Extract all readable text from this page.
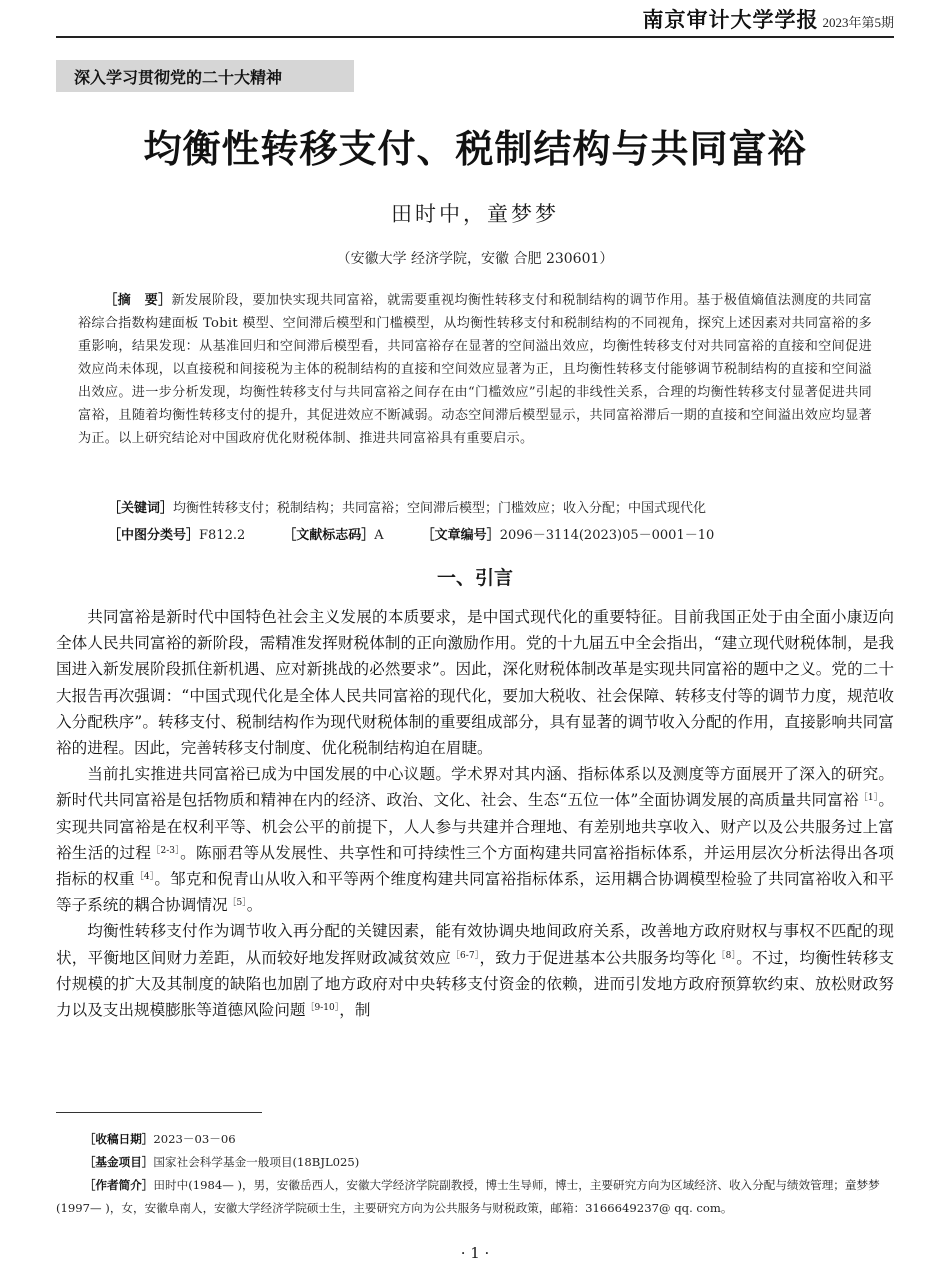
南京审计大学学报 2023年第5期
深入学习贯彻党的二十大精神
均衡性转移支付、税制结构与共同富裕
田时中，童梦梦
（安徽大学 经济学院，安徽 合肥 230601）
［摘　要］新发展阶段，要加快实现共同富裕，就需要重视均衡性转移支付和税制结构的调节作用。基于极值熵值法测度的共同富裕综合指数构建面板 Tobit 模型、空间滞后模型和门槛模型，从均衡性转移支付和税制结构的不同视角，探究上述因素对共同富裕的多重影响，结果发现：从基准回归和空间滞后模型看，共同富裕存在显著的空间溢出效应，均衡性转移支付对共同富裕的直接和空间促进效应尚未体现，以直接税和间接税为主体的税制结构的直接和空间效应显著为正，且均衡性转移支付能够调节税制结构的直接和空间溢出效应。进一步分析发现，均衡性转移支付与共同富裕之间存在由“门槛效应”引起的非线性关系，合理的均衡性转移支付显著促进共同富裕，且随着均衡性转移支付的提升，其促进效应不断减弱。动态空间滞后模型显示，共同富裕滞后一期的直接和空间溢出效应均显著为正。以上研究结论对中国政府优化财税体制、推进共同富裕具有重要启示。
［关键词］均衡性转移支付；税制结构；共同富裕；空间滞后模型；门槛效应；收入分配；中国式现代化
［中图分类号］F812.2	［文献标志码］A	［文章编号］2096－3114(2023)05－0001－10
一、引言

共同富裕是新时代中国特色社会主义发展的本质要求，是中国式现代化的重要特征。目前我国正处于由全面小康迈向全体人民共同富裕的新阶段，需精准发挥财税体制的正向激励作用。党的十九届五中全会指出，“建立现代财税体制，是我国进入新发展阶段抓住新机遇、应对新挑战的必然要求”。因此，深化财税体制改革是实现共同富裕的题中之义。党的二十大报告再次强调：“中国式现代化是全体人民共同富裕的现代化，要加大税收、社会保障、转移支付等的调节力度，规范收入分配秩序”。转移支付、税制结构作为现代财税体制的重要组成部分，具有显著的调节收入分配的作用，直接影响共同富裕的进程。因此，完善转移支付制度、优化税制结构迫在眉睫。

当前扎实推进共同富裕已成为中国发展的中心议题。学术界对其内涵、指标体系以及测度等方面展开了深入的研究。新时代共同富裕是包括物质和精神在内的经济、政治、文化、社会、生态“五位一体”全面协调发展的高质量共同富裕$^{[1]}$。实现共同富裕是在权利平等、机会公平的前提下，人人参与共建并合理地、有差别地共享收入、财产以及公共服务过上富裕生活的过程$^{[2-3]}$。陈丽君等从发展性、共享性和可持续性三个方面构建共同富裕指标体系，并运用层次分析法得出各项指标的权重$^{[4]}$。邹克和倪青山从收入和平等两个维度构建共同富裕指标体系，运用耦合协调模型检验了共同富裕收入和平等子系统的耦合协调情况$^{[5]}$。

均衡性转移支付作为调节收入再分配的关键因素，能有效协调央地间政府关系，改善地方政府财权与事权不匹配的现状，平衡地区间财力差距，从而较好地发挥财政减贫效应$^{[6-7]}$，致力于促进基本公共服务均等化$^{[8]}$。不过，均衡性转移支付规模的扩大及其制度的缺陷也加剧了地方政府对中央转移支付资金的依赖，进而引发地方政府预算软约束、放松财政努力以及支出规模膨胀等道德风险问题$^{[9-10]}$，制

［收稿日期］2023－03－06

［基金项目］国家社会科学基金一般项目(18BJL025)

［作者简介］田时中(1984— )，男，安徽岳西人，安徽大学经济学院副教授，博士生导师，博士，主要研究方向为区域经济、收入分配与绩效管理；童梦梦(1997— )，女，安徽阜南人，安徽大学经济学院硕士生，主要研究方向为公共服务与财税政策，邮箱：3166649237@ qq. com。

· 1 ·
